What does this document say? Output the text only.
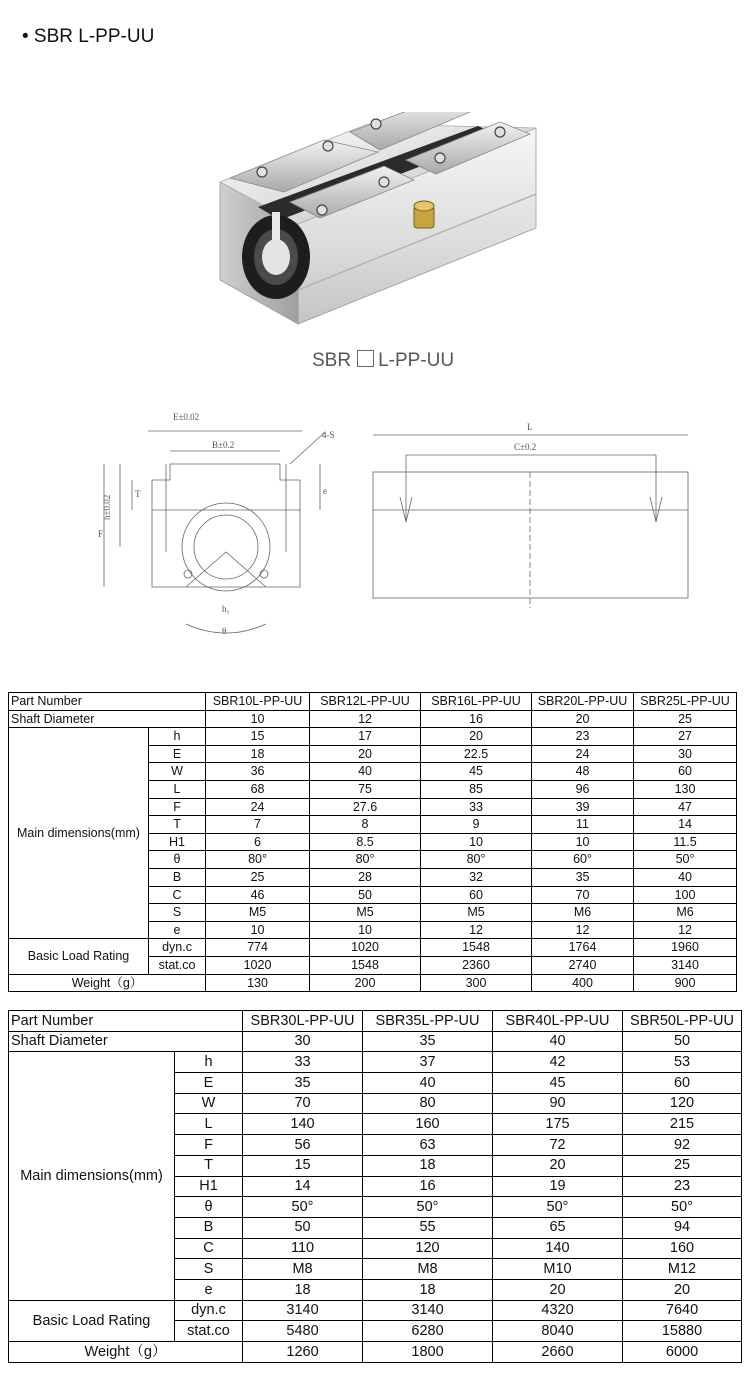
• SBR L-PP-UU
SBR L-PP-UU
E±0.02
B±0.2
4-S
T
h±0.02
F
e
h₁
θ
L
C±0.2
Part Number		SBR10L-PP-UU	SBR12L-PP-UU	SBR16L-PP-UU	SBR20L-PP-UU	SBR25L-PP-UU
Shaft Diameter		10	12	16	20	25
Main dimensions(mm)	h	15	17	20	23	27
	E	18	20	22.5	24	30
	W	36	40	45	48	60
	L	68	75	85	96	130
	F	24	27.6	33	39	47
	T	7	8	9	11	14
	H1	6	8.5	10	10	11.5
	θ	80°	80°	80°	60°	50°
	B	25	28	32	35	40
	C	46	50	60	70	100
	S	M5	M5	M5	M6	M6
	e	10	10	12	12	12
Basic Load Rating	dyn.c	774	1020	1548	1764	1960
	stat.co	1020	1548	2360	2740	3140
Weight（g）		130	200	300	400	900
Part Number		SBR30L-PP-UU	SBR35L-PP-UU	SBR40L-PP-UU	SBR50L-PP-UU
Shaft Diameter		30	35	40	50
Main dimensions(mm)	h	33	37	42	53
	E	35	40	45	60
	W	70	80	90	120
	L	140	160	175	215
	F	56	63	72	92
	T	15	18	20	25
	H1	14	16	19	23
	θ	50°	50°	50°	50°
	B	50	55	65	94
	C	110	120	140	160
	S	M8	M8	M10	M12
	e	18	18	20	20
Basic Load Rating	dyn.c	3140	3140	4320	7640
	stat.co	5480	6280	8040	15880
Weight（g）		1260	1800	2660	6000
